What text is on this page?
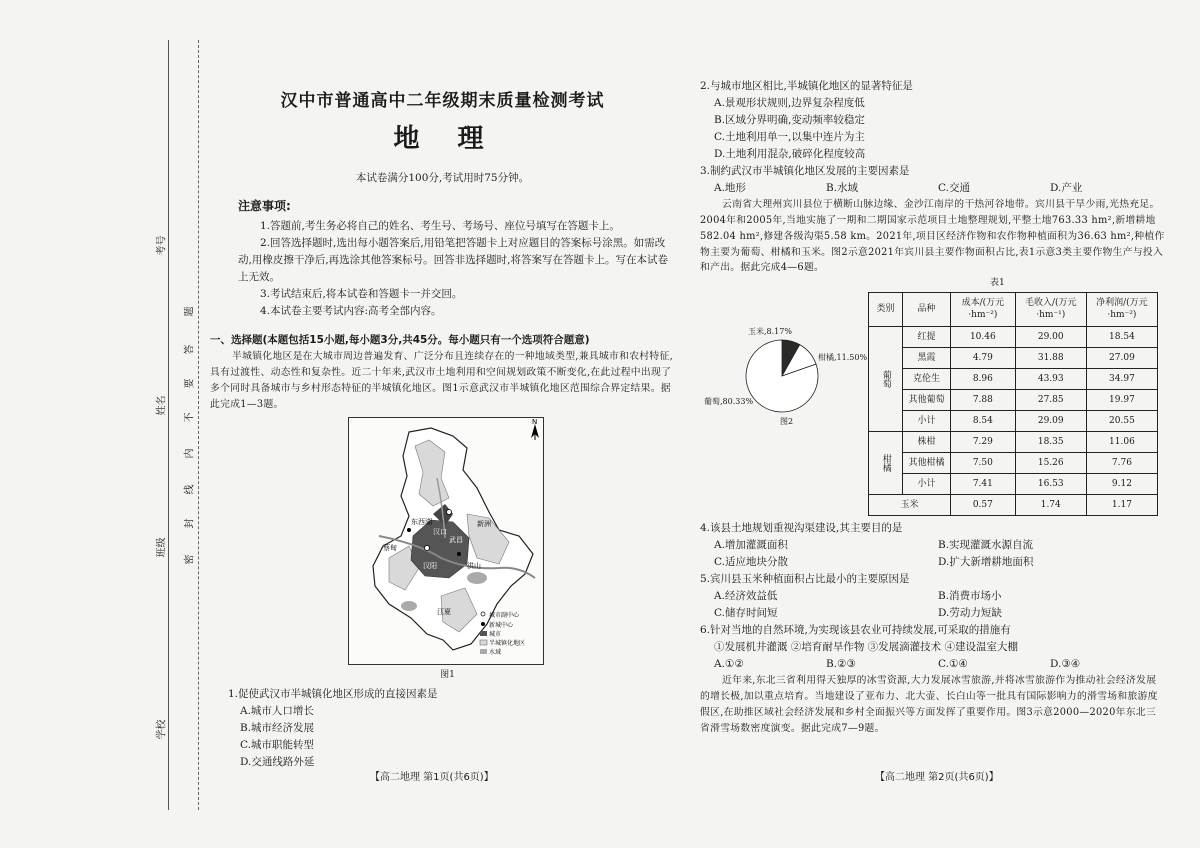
考号
姓名
班级
学校
题
答
要
不
内
线
封
密
汉中市普通高中二年级期末质量检测考试
地理
本试卷满分100分,考试用时75分钟。
注意事项:
1.答题前,考生务必将自己的姓名、考生号、考场号、座位号填写在答题卡上。
2.回答选择题时,选出每小题答案后,用铅笔把答题卡上对应题目的答案标号涂黑。如需改动,用橡皮擦干净后,再选涂其他答案标号。回答非选择题时,将答案写在答题卡上。写在本试卷上无效。
3.考试结束后,将本试卷和答题卡一并交回。
4.本试卷主要考试内容:高考全部内容。
一、选择题(本题包括15小题,每小题3分,共45分。每小题只有一个选项符合题意)
半城镇化地区是在大城市周边普遍发育、广泛分布且连续存在的一种地域类型,兼具城市和农村特征,具有过渡性、动态性和复杂性。近二十年来,武汉市土地利用和空间规划政策不断变化,在此过程中出现了多个同时具备城市与乡村形态特征的半城镇化地区。图1示意武汉市半城镇化地区范围综合界定结果。据此完成1—3题。
N
黄陂
新洲
武昌
汉口
东西湖
蔡甸
汉阳	洪山
江夏	城市副中心
新城中心
城市
半城镇化地区
水域
图1
1.促使武汉市半城镇化地区形成的直接因素是
A.城市人口增长
B.城市经济发展
C.城市职能转型
D.交通线路外延
【高二地理 第1页(共6页)】
2.与城市地区相比,半城镇化地区的显著特征是
A.景观形状规则,边界复杂程度低
B.区域分界明确,变动频率较稳定
C.土地利用单一,以集中连片为主
D.土地利用混杂,破碎化程度较高
3.制约武汉市半城镇化地区发展的主要因素是
A.地形	B.水域	C.交通	D.产业
云南省大理州宾川县位于横断山脉边缘、金沙江南岸的干热河谷地带。宾川县干旱少雨,光热充足。2004年和2005年,当地实施了一期和二期国家示范项目土地整理规划,平整土地763.33 hm²,新增耕地582.04 hm²,修建各级沟渠5.58 km。2021年,项目区经济作物和农作物种植面积为36.63 hm²,种植作物主要为葡萄、柑橘和玉米。图2示意2021年宾川县主要作物面积占比,表1示意3类主要作物生产与投入和产出。据此完成4—6题。
玉米,8.17%
柑橘,11.50%
葡萄,80.33%
图2
表1
类别	品种	成本/(万元·hm⁻²)	毛收入/(万元·hm⁻¹)	净利润/(万元·hm⁻²)
葡萄	红提	10.46	29.00	18.54
	黑霞	4.79	31.88	27.09
	克伦生	8.96	43.93	34.97
	其他葡萄	7.88	27.85	19.97
	小计	8.54	29.09	20.55
柑橘	株柑	7.29	18.35	11.06
	其他柑橘	7.50	15.26	7.76
	小计	7.41	16.53	9.12
玉米		0.57	1.74	1.17
4.该县土地规划重视沟渠建设,其主要目的是
A.增加灌溉面积	B.实现灌溉水源自流
C.适应地块分散	D.扩大新增耕地面积
5.宾川县玉米种植面积占比最小的主要原因是
A.经济效益低	B.消费市场小
C.储存时间短	D.劳动力短缺
6.针对当地的自然环境,为实现该县农业可持续发展,可采取的措施有
①发展机井灌溉 ②培育耐旱作物 ③发展滴灌技术 ④建设温室大棚
A.①②	B.②③	C.①④	D.③④
近年来,东北三省利用得天独厚的冰雪资源,大力发展冰雪旅游,并将冰雪旅游作为推动社会经济发展的增长极,加以重点培育。当地建设了亚布力、北大壶、长白山等一批具有国际影响力的滑雪场和旅游度假区,在助推区域社会经济发展和乡村全面振兴等方面发挥了重要作用。图3示意2000—2020年东北三省滑雪场数密度演变。据此完成7—9题。
【高二地理 第2页(共6页)】
